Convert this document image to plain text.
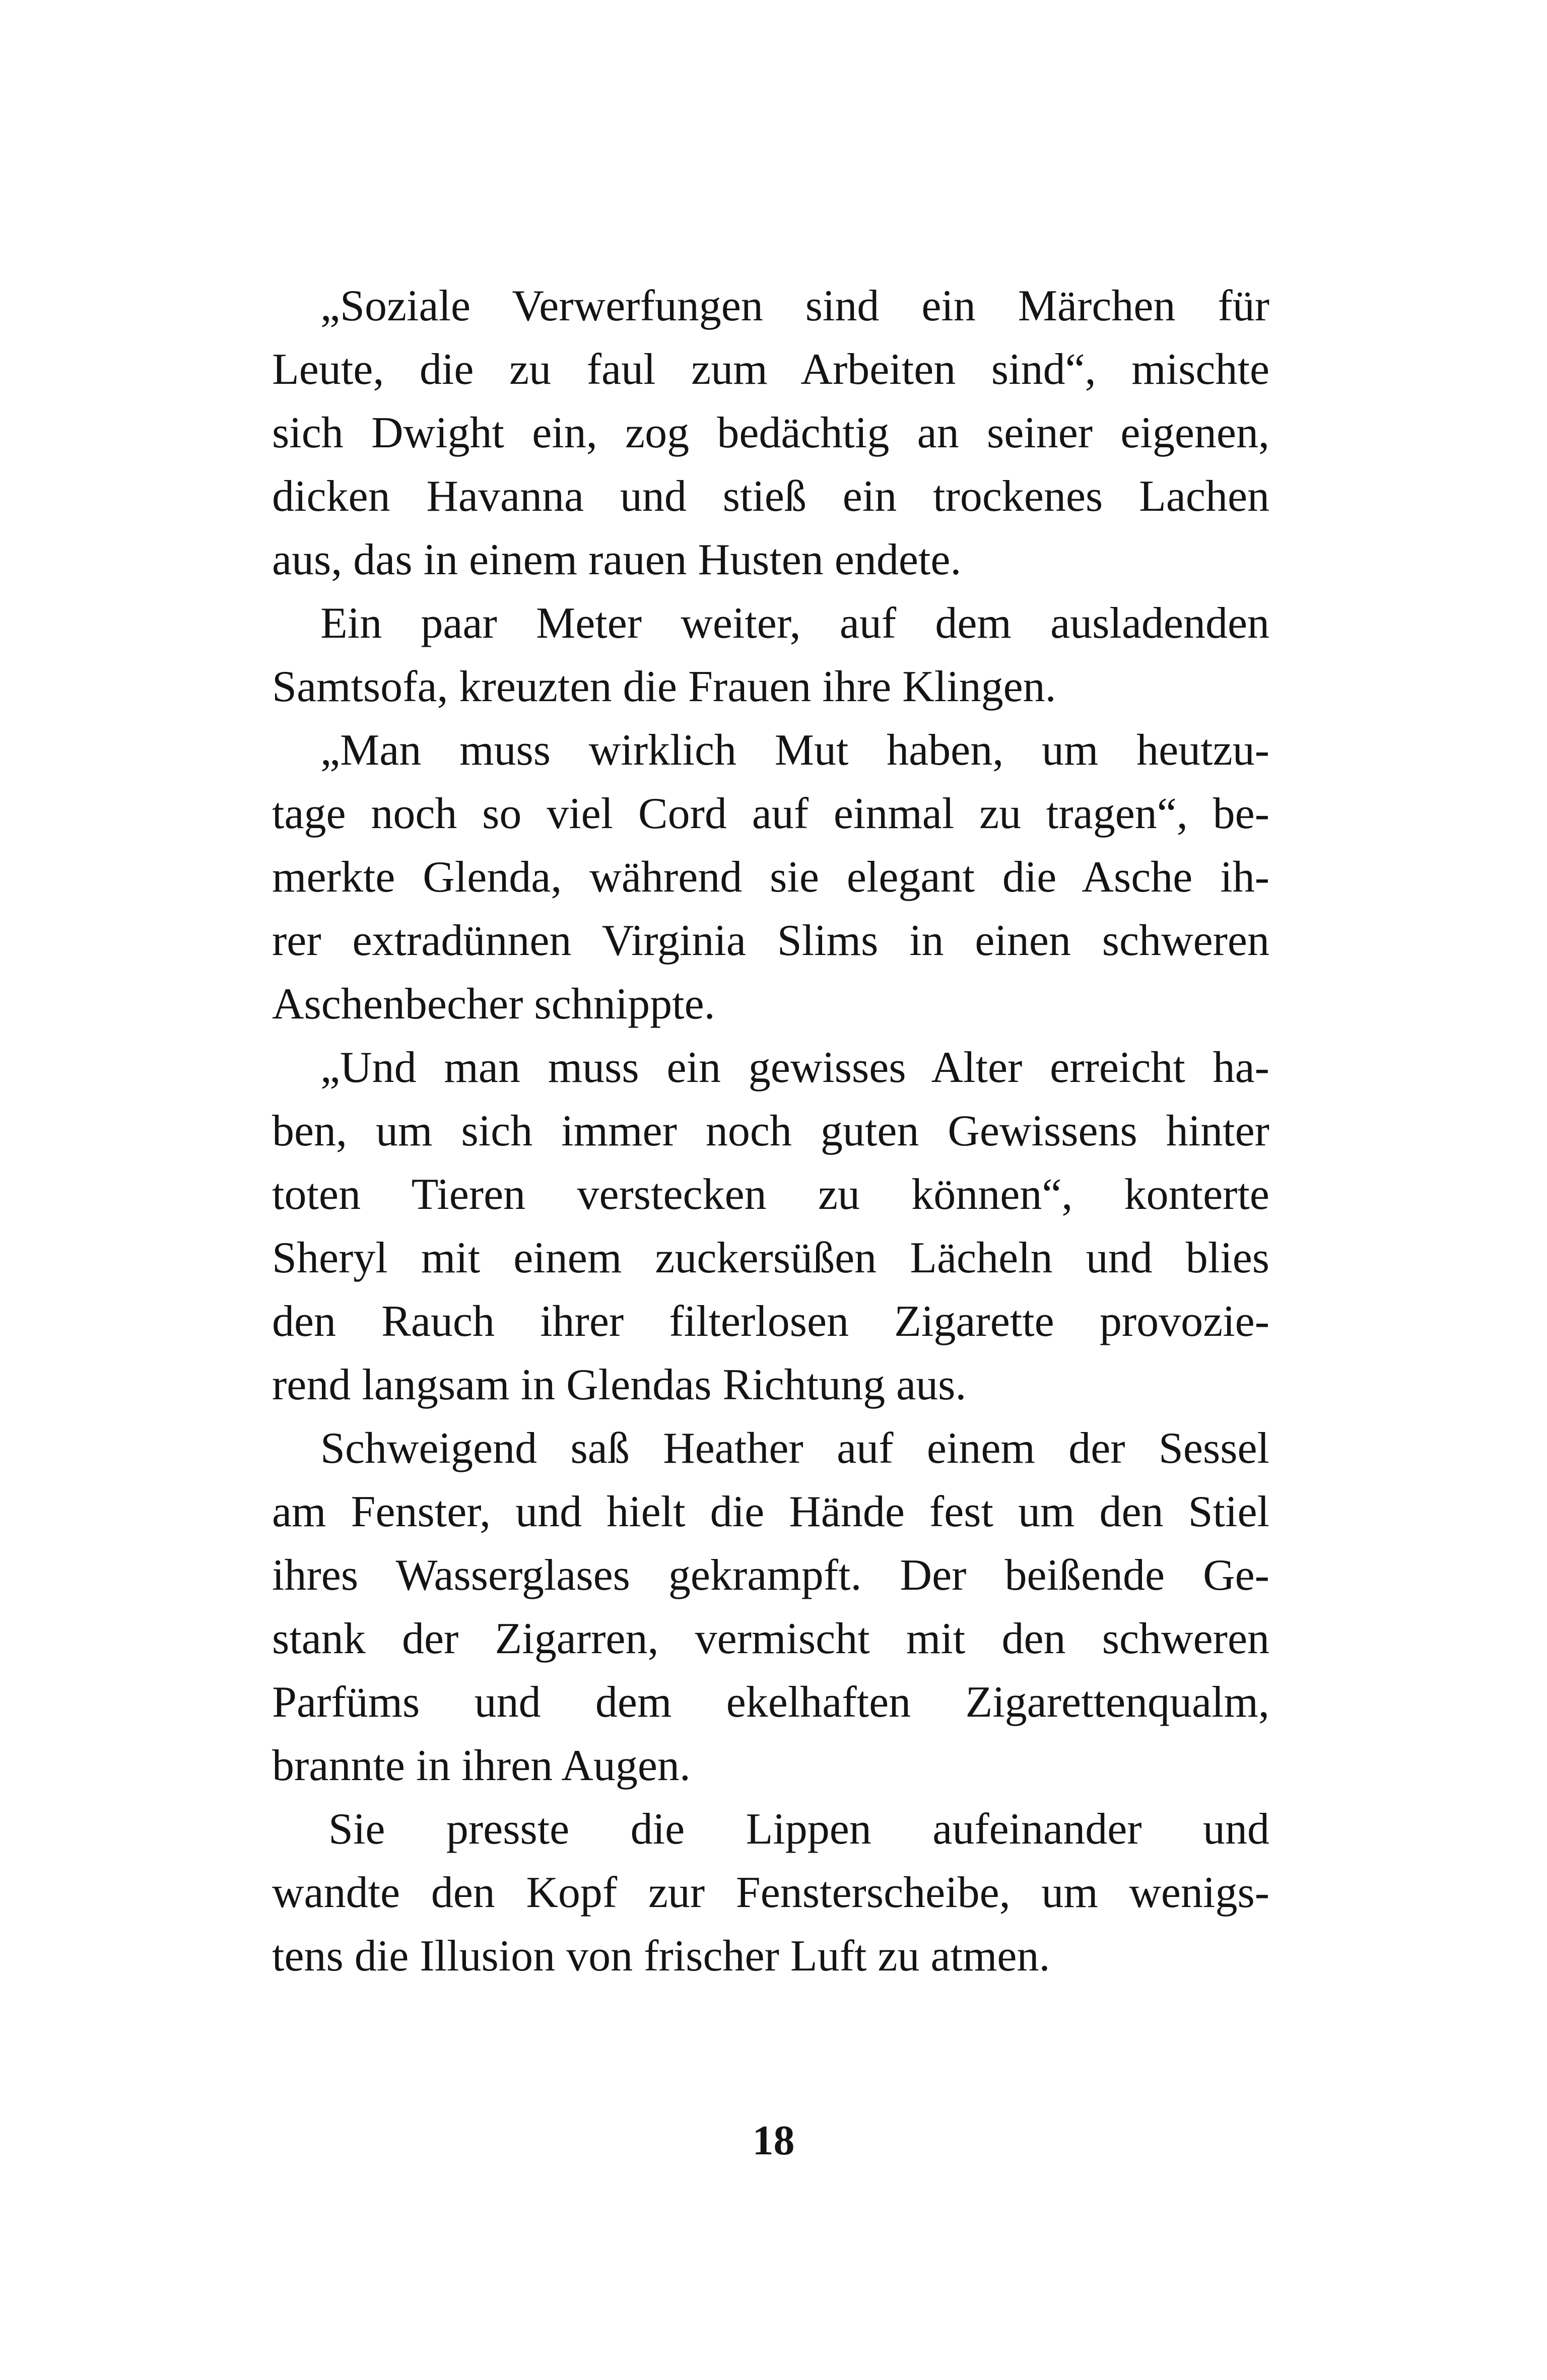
„Soziale Verwerfungen sind ein Märchen für
Leute, die zu faul zum Arbeiten sind“, mischte
sich Dwight ein, zog bedächtig an seiner eigenen,
dicken Havanna und stieß ein trockenes Lachen
aus, das in einem rauen Husten endete.
Ein paar Meter weiter, auf dem ausladenden
Samtsofa, kreuzten die Frauen ihre Klingen.
„Man muss wirklich Mut haben, um heutzu-
tage noch so viel Cord auf einmal zu tragen“, be-
merkte Glenda, während sie elegant die Asche ih-
rer extradünnen Virginia Slims in einen schweren
Aschenbecher schnippte.
„Und man muss ein gewisses Alter erreicht ha-
ben, um sich immer noch guten Gewissens hinter
toten Tieren verstecken zu können“, konterte
Sheryl mit einem zuckersüßen Lächeln und blies
den Rauch ihrer filterlosen Zigarette provozie-
rend langsam in Glendas Richtung aus.
Schweigend saß Heather auf einem der Sessel
am Fenster, und hielt die Hände fest um den Stiel
ihres Wasserglases gekrampft. Der beißende Ge-
stank der Zigarren, vermischt mit den schweren
Parfüms und dem ekelhaften Zigarettenqualm,
brannte in ihren Augen.
Sie presste die Lippen aufeinander und
wandte den Kopf zur Fensterscheibe, um wenigs-
tens die Illusion von frischer Luft zu atmen.
18
